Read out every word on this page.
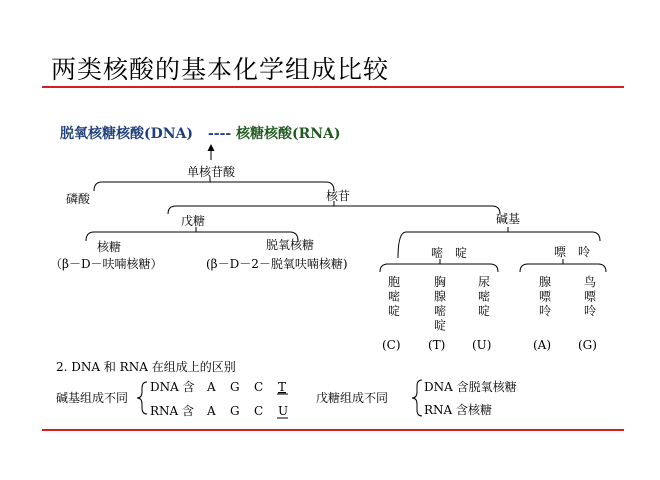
两类核酸的基本化学组成比较
脱氧核糖核酸(DNA) ---- 核糖核酸(RNA)
单核苷酸
磷酸	核苷
戊糖	碱基
核糖	脱氧核糖
（β－D－呋喃核糖）	(β－D－2－脱氧呋喃核糖)
嘧　啶	嘌　呤
胞
嘧
啶
(C)
胸
腺
嘧
啶
(T)
尿
嘧
啶
(U)
腺
嘌
呤
(A)
鸟
嘌
呤
(G)
2. DNA 和 RNA 在组成上的区别
碱基组成不同
DNA 含 A G C T
RNA 含 A G C U
戊糖组成不同
DNA 含脱氧核糖
RNA 含核糖
